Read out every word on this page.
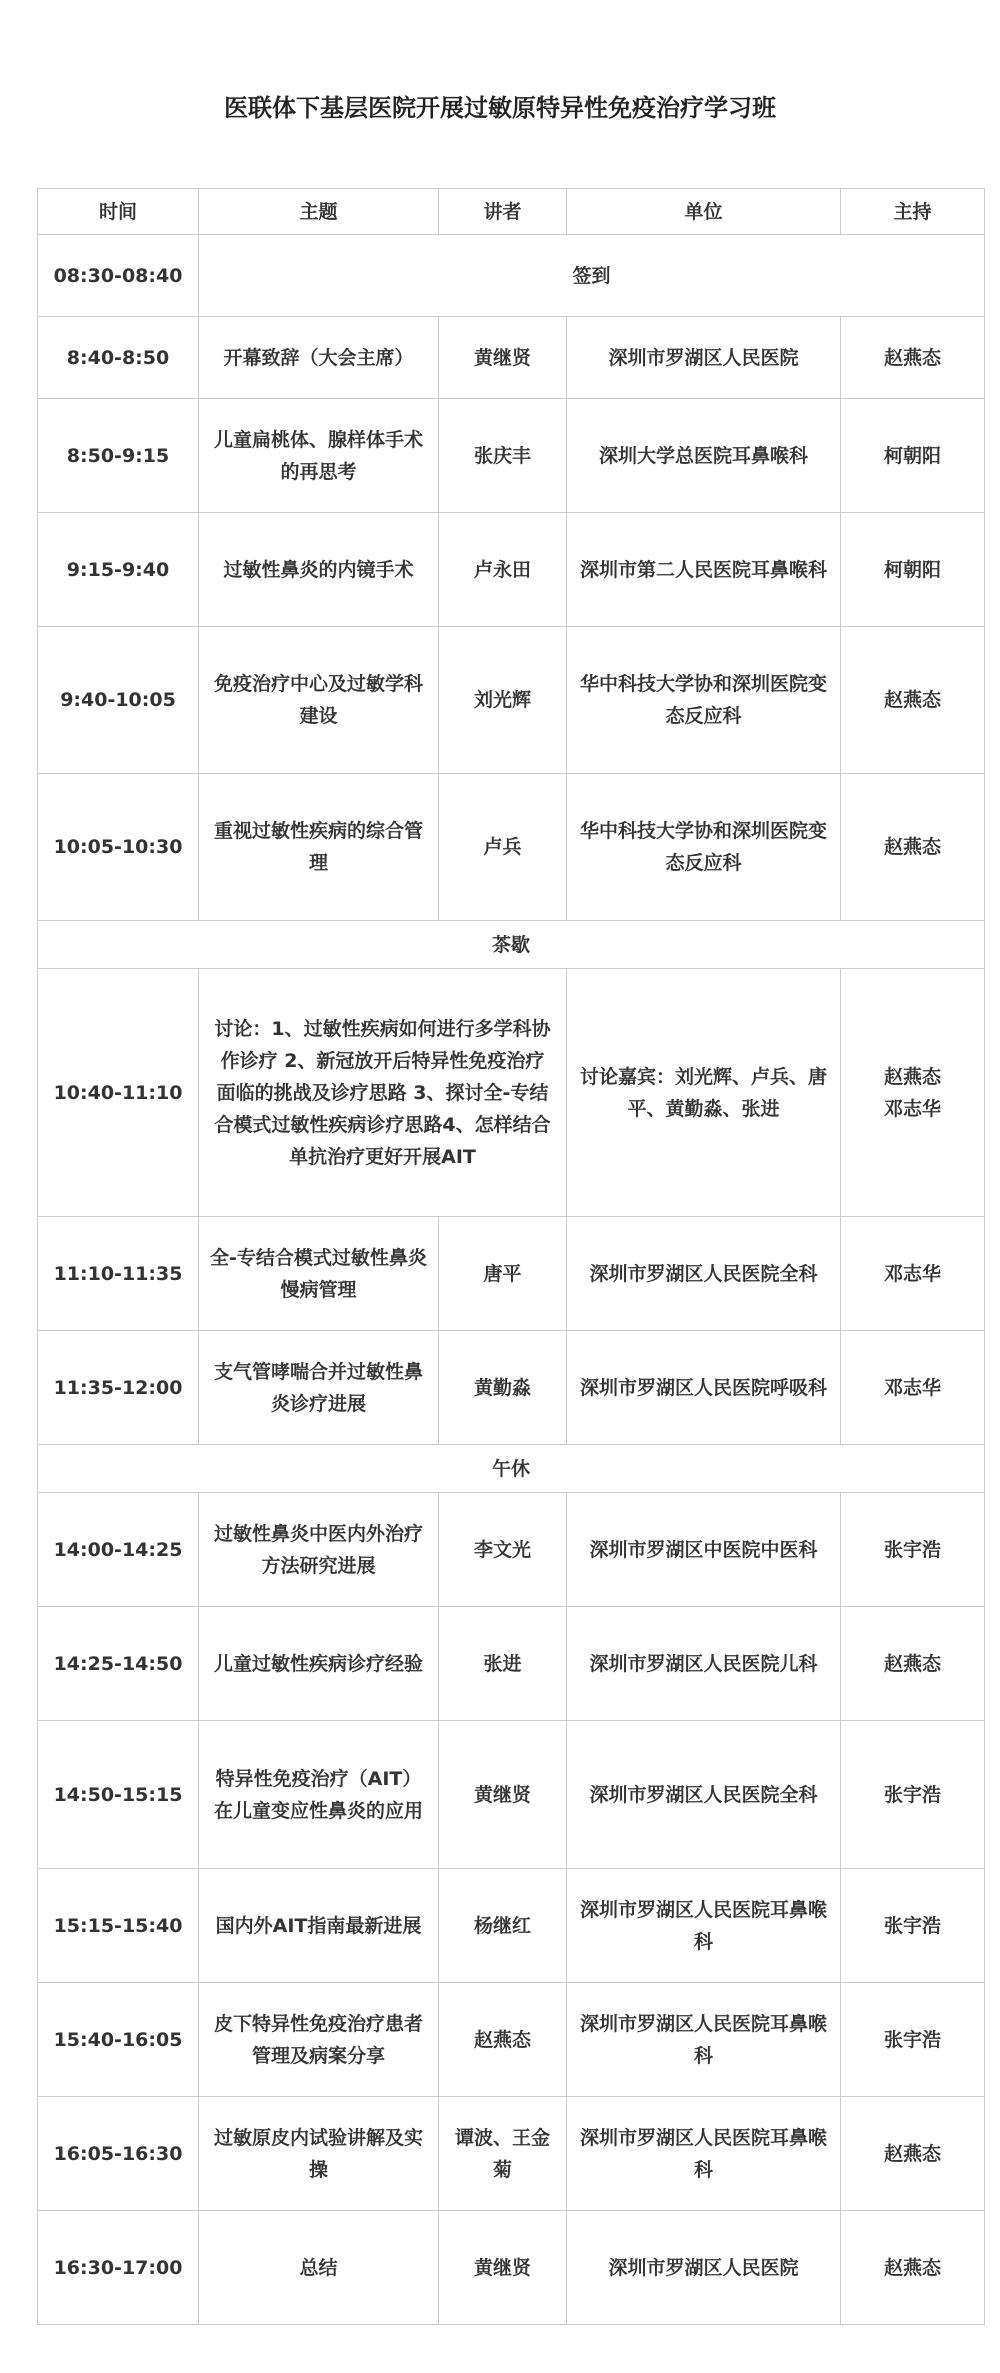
医联体下基层医院开展过敏原特异性免疫治疗学习班
时间	主题	讲者	单位	主持
08:30-08:40	签到			
8:40-8:50	开幕致辞（大会主席）	黄继贤	深圳市罗湖区人民医院	赵燕态
8:50-9:15	儿童扁桃体、腺样体手术的再思考	张庆丰	深圳大学总医院耳鼻喉科	柯朝阳
9:15-9:40	过敏性鼻炎的内镜手术	卢永田	深圳市第二人民医院耳鼻喉科	柯朝阳
9:40-10:05	免疫治疗中心及过敏学科建设	刘光辉	华中科技大学协和深圳医院变态反应科	赵燕态
10:05-10:30	重视过敏性疾病的综合管理	卢兵	华中科技大学协和深圳医院变态反应科	赵燕态
茶歇				
10:40-11:10	讨论：1、过敏性疾病如何进行多学科协作诊疗 2、新冠放开后特异性免疫治疗面临的挑战及诊疗思路 3、探讨全-专结合模式过敏性疾病诊疗思路4、怎样结合单抗治疗更好开展AIT		讨论嘉宾：刘光辉、卢兵、唐平、黄勤淼、张进	赵燕态
邓志华

11:10-11:35	全-专结合模式过敏性鼻炎慢病管理	唐平	深圳市罗湖区人民医院全科	邓志华
11:35-12:00	支气管哮喘合并过敏性鼻炎诊疗进展	黄勤淼	深圳市罗湖区人民医院呼吸科	邓志华
午休				
14:00-14:25	过敏性鼻炎中医内外治疗方法研究进展	李文光	深圳市罗湖区中医院中医科	张宇浩
14:25-14:50	儿童过敏性疾病诊疗经验	张进	深圳市罗湖区人民医院儿科	赵燕态
14:50-15:15	特异性免疫治疗（AIT）在儿童变应性鼻炎的应用	黄继贤	深圳市罗湖区人民医院全科	张宇浩
15:15-15:40	国内外AIT指南最新进展	杨继红	深圳市罗湖区人民医院耳鼻喉科	张宇浩
15:40-16:05	皮下特异性免疫治疗患者管理及病案分享	赵燕态	深圳市罗湖区人民医院耳鼻喉科	张宇浩
16:05-16:30	过敏原皮内试验讲解及实操	谭波、王金菊	深圳市罗湖区人民医院耳鼻喉科	赵燕态
16:30-17:00	总结	黄继贤	深圳市罗湖区人民医院	赵燕态
